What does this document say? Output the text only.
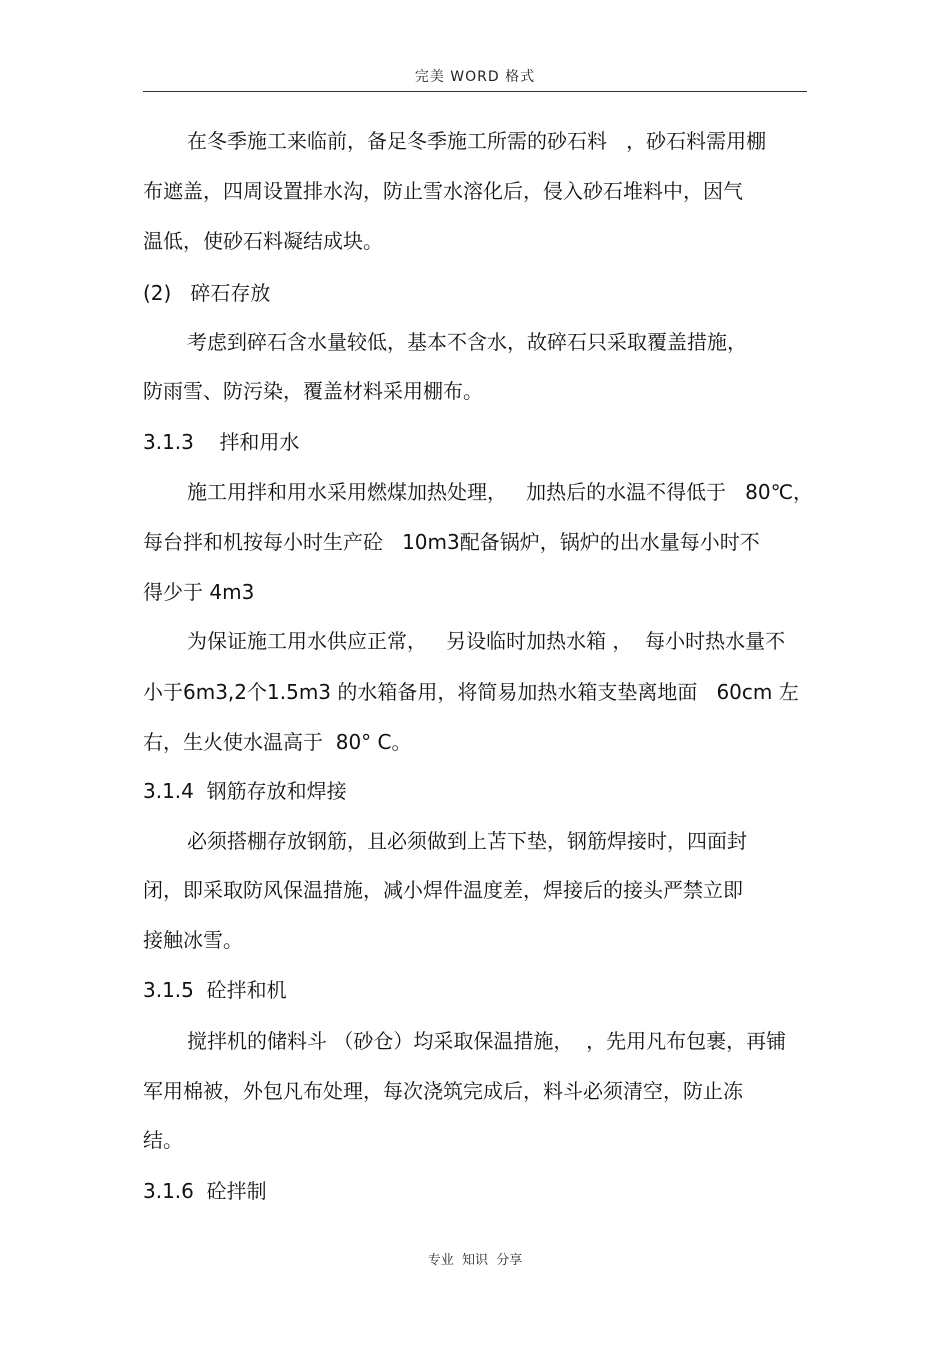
完美 WORD 格式
在冬季施工来临前，备足冬季施工所需的砂石料   ，砂石料需用棚
布遮盖，四周设置排水沟，防止雪水溶化后，侵入砂石堆料中，因气
温低，使砂石料凝结成块。
(2)   碎石存放
考虑到碎石含水量较低，基本不含水，故碎石只采取覆盖措施，
防雨雪、防污染，覆盖材料采用棚布。
3.1.3    拌和用水
施工用拌和用水采用燃煤加热处理，   加热后的水温不得低于   80℃，
每台拌和机按每小时生产砼   10m3配备锅炉，锅炉的出水量每小时不
得少于 4m3
为保证施工用水供应正常，   另设临时加热水箱 ，  每小时热水量不
小于6m3,2个1.5m3 的水箱备用，将简易加热水箱支垫离地面   60cm 左
右，生火使水温高于  80° C。
3.1.4  钢筋存放和焊接
必须搭棚存放钢筋，且必须做到上苫下垫，钢筋焊接时，四面封
闭，即采取防风保温措施，减小焊件温度差，焊接后的接头严禁立即
接触冰雪。
3.1.5  砼拌和机
搅拌机的储料斗 （砂仓）均采取保温措施，  ，先用凡布包裹，再铺
军用棉被，外包凡布处理，每次浇筑完成后，料斗必须清空，防止冻
结。
3.1.6  砼拌制
专业  知识  分享
